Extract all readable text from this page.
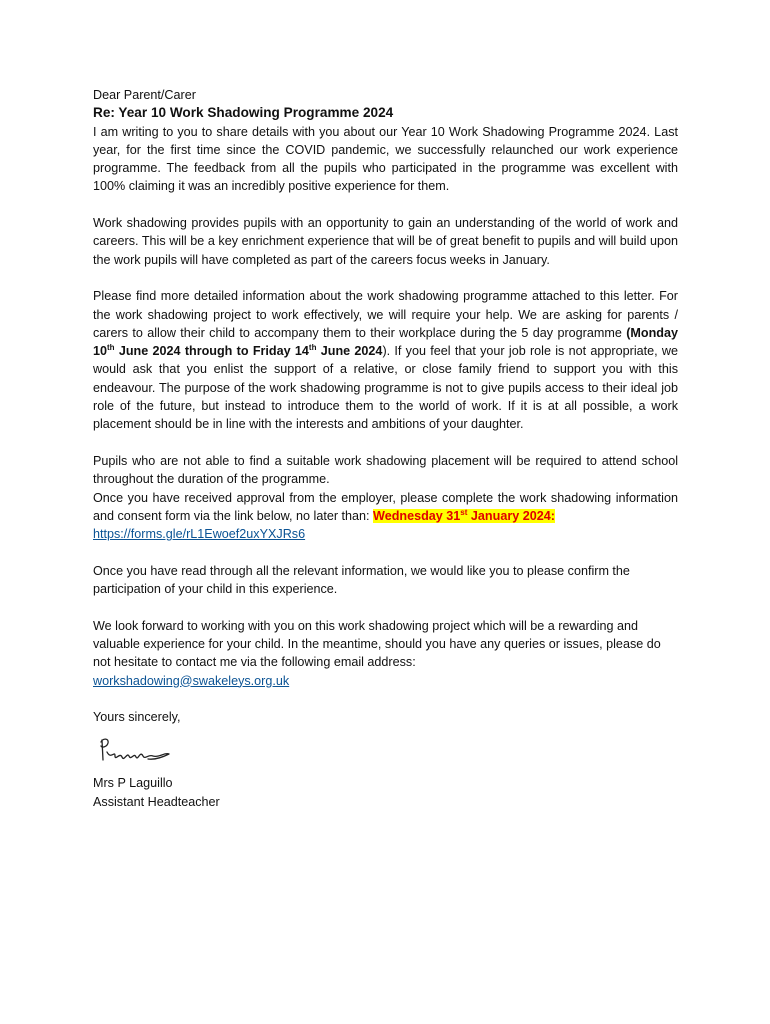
Dear Parent/Carer

Re: Year 10 Work Shadowing Programme 2024

I am writing to you to share details with you about our Year 10 Work Shadowing Programme 2024. Last year, for the first time since the COVID pandemic, we successfully relaunched our work experience programme. The feedback from all the pupils who participated in the programme was excellent with 100% claiming it was an incredibly positive experience for them.

Work shadowing provides pupils with an opportunity to gain an understanding of the world of work and careers. This will be a key enrichment experience that will be of great benefit to pupils and will build upon the work pupils will have completed as part of the careers focus weeks in January.

Please find more detailed information about the work shadowing programme attached to this letter. For the work shadowing project to work effectively, we will require your help. We are asking for parents / carers to allow their child to accompany them to their workplace during the 5 day programme (Monday 10th June 2024 through to Friday 14th June 2024). If you feel that your job role is not appropriate, we would ask that you enlist the support of a relative, or close family friend to support you with this endeavour. The purpose of the work shadowing programme is not to give pupils access to their ideal job role of the future, but instead to introduce them to the world of work. If it is at all possible, a work placement should be in line with the interests and ambitions of your daughter.

Pupils who are not able to find a suitable work shadowing placement will be required to attend school throughout the duration of the programme.

Once you have received approval from the employer, please complete the work shadowing information and consent form via the link below, no later than: Wednesday 31st January 2024:
https://forms.gle/rL1Ewoef2uxYXJRs6

Once you have read through all the relevant information, we would like you to please confirm the participation of your child in this experience.

We look forward to working with you on this work shadowing project which will be a rewarding and valuable experience for your child. In the meantime, should you have any queries or issues, please do not hesitate to contact me via the following email address:

workshadowing@swakeleys.org.uk

Yours sincerely,

Mrs P Laguillo

Assistant Headteacher
